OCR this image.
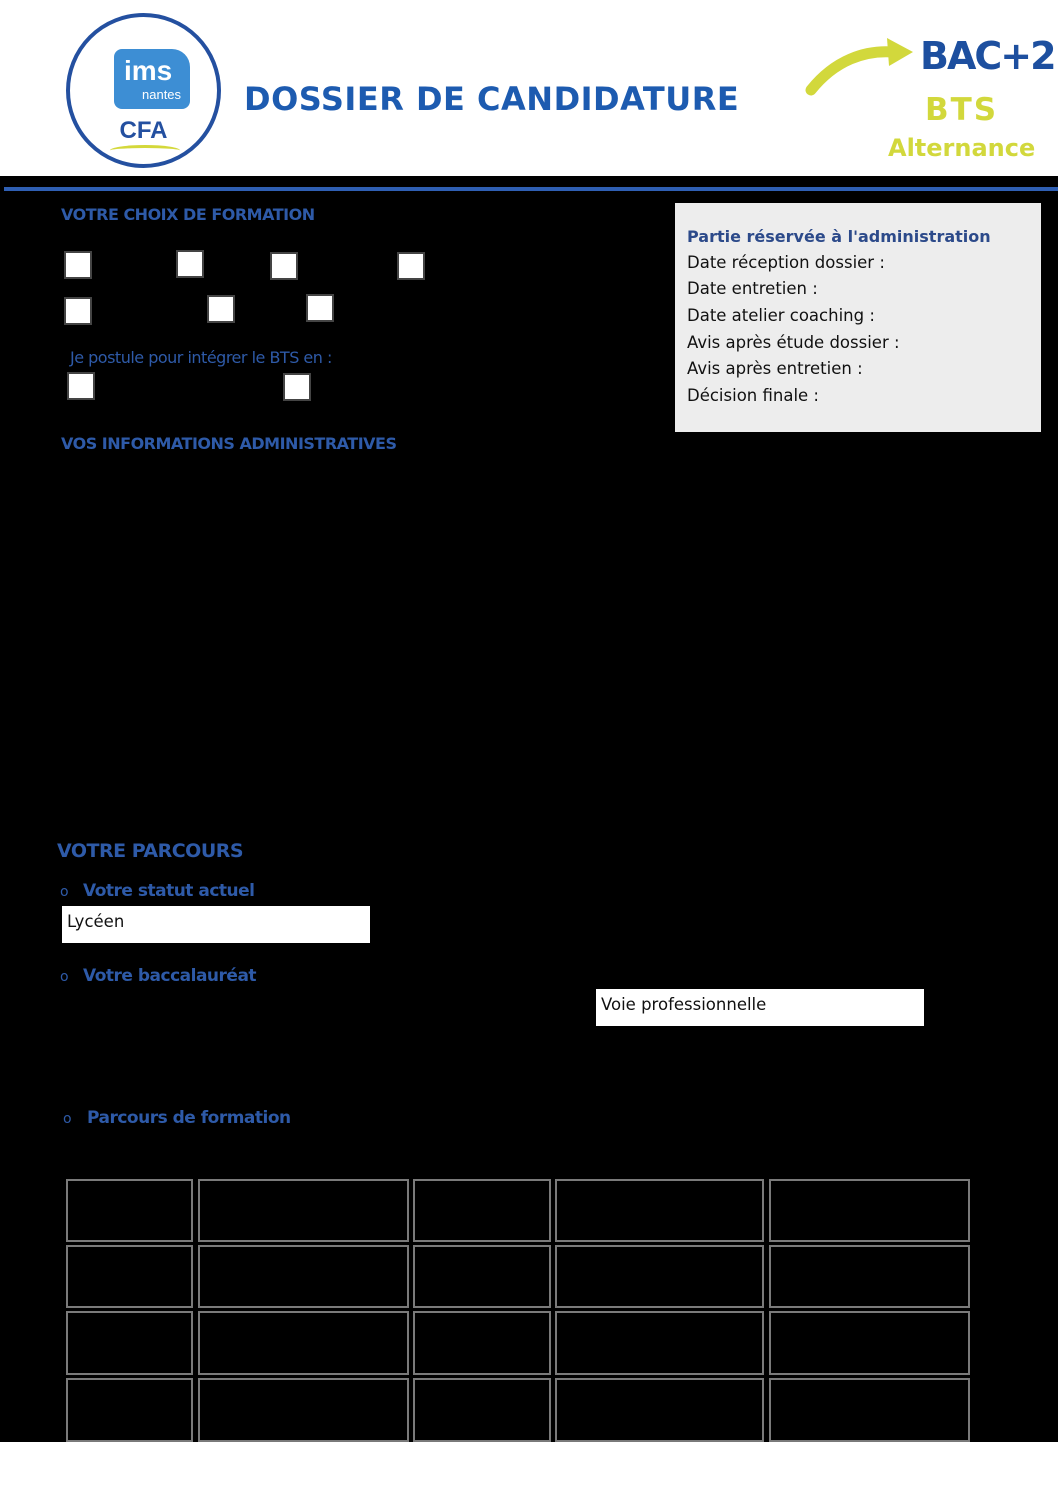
ims
nantes
CFA
DOSSIER DE CANDIDATURE
BAC+2
BTS
Alternance
VOTRE CHOIX DE FORMATION
Je postule pour intégrer le BTS en :
Partie réservée à l'administration
Date réception dossier :
Date entretien :
Date atelier coaching :
Avis après étude dossier :
Avis après entretien :
Décision finale :
VOS INFORMATIONS ADMINISTRATIVES
VOTRE PARCOURS
o Votre statut actuel
Lycéen
o Votre baccalauréat
Voie professionnelle
o Parcours de formation
